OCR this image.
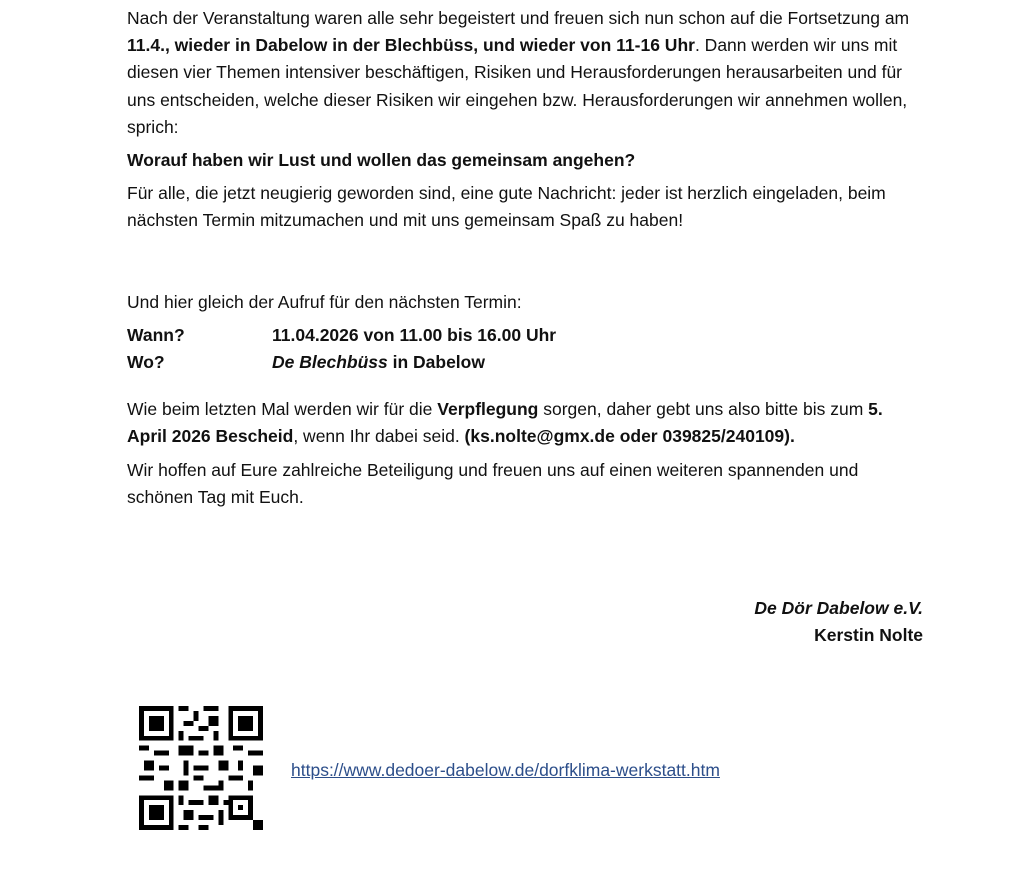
Nach der Veranstaltung waren alle sehr begeistert und freuen sich nun schon auf die Fortsetzung am 11.4., wieder in Dabelow in der Blechbüss, und wieder von 11-16 Uhr. Dann werden wir uns mit diesen vier Themen intensiver beschäftigen, Risiken und Herausforderungen herausarbeiten und für uns entscheiden, welche dieser Risiken wir eingehen bzw. Herausforderungen wir annehmen wollen, sprich:

Worauf haben wir Lust und wollen das gemeinsam angehen?

Für alle, die jetzt neugierig geworden sind, eine gute Nachricht: jeder ist herzlich eingeladen, beim nächsten Termin mitzumachen und mit uns gemeinsam Spaß zu haben!

Und hier gleich der Aufruf für den nächsten Termin:

Wann?	11.04.2026 von 11.00 bis 16.00 Uhr
Wo?	De Blechbüss in Dabelow

Wie beim letzten Mal werden wir für die Verpflegung sorgen, daher gebt uns also bitte bis zum 5. April 2026 Bescheid, wenn Ihr dabei seid. (ks.nolte@gmx.de oder 039825/240109).

Wir hoffen auf Eure zahlreiche Beteiligung und freuen uns auf einen weiteren spannenden und schönen Tag mit Euch.

De Dör Dabelow e.V.
Kerstin Nolte
https://www.dedoer-dabelow.de/dorfklima-werkstatt.htm
